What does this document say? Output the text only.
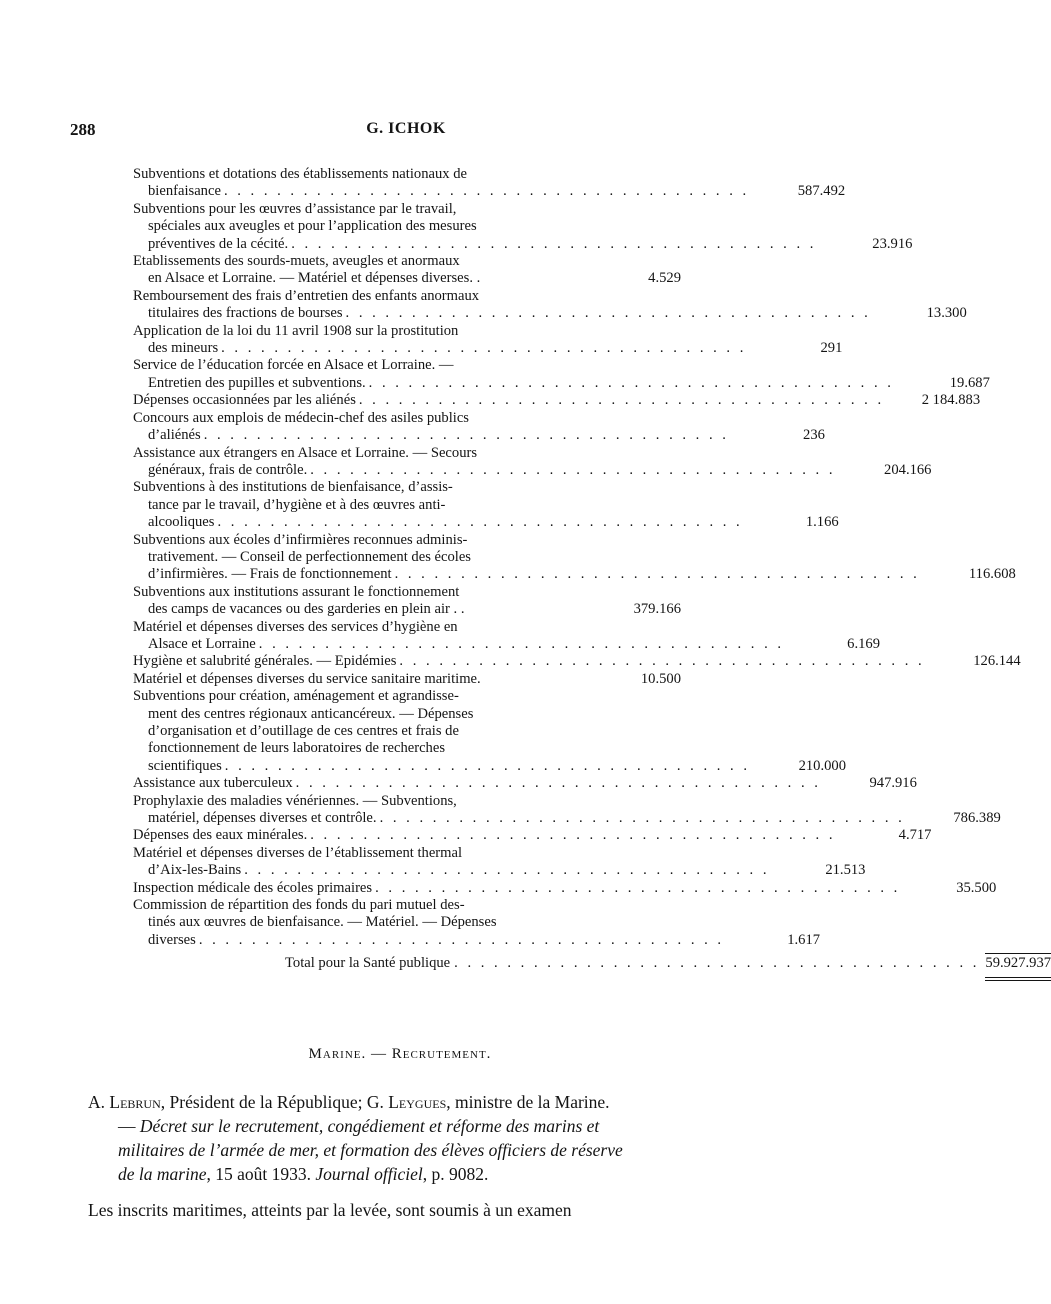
288	G. ICHOK
Subventions et dotations des établissements nationaux de
bienfaisance . . . . . . . . . . . . . . . . . . . . . . . . . . . . . . . . . . . . . . . .	587.492
Subventions pour les œuvres d’assistance par le travail,
spéciales aux aveugles et pour l’application des mesures
préventives de la cécité. . . . . . . . . . . . . . . . . . . . . . . . . . . . . . . . . . . . . . . . .	23.916
Etablissements des sourds-muets, aveugles et anormaux
en Alsace et Lorraine. — Matériel et dépenses diverses. .	4.529
Remboursement des frais d’entretien des enfants anormaux
titulaires des fractions de bourses . . . . . . . . . . . . . . . . . . . . . . . . . . . . . . . . . . . . . . . .	13.300
Application de la loi du 11 avril 1908 sur la prostitution
des mineurs . . . . . . . . . . . . . . . . . . . . . . . . . . . . . . . . . . . . . . . .	291
Service de l’éducation forcée en Alsace et Lorraine. —
Entretien des pupilles et subventions. . . . . . . . . . . . . . . . . . . . . . . . . . . . . . . . . . . . . . . . .	19.687
Dépenses occasionnées par les aliénés . . . . . . . . . . . . . . . . . . . . . . . . . . . . . . . . . . . . . . . .	2 184.883
Concours aux emplois de médecin-chef des asiles publics
d’aliénés . . . . . . . . . . . . . . . . . . . . . . . . . . . . . . . . . . . . . . . .	236
Assistance aux étrangers en Alsace et Lorraine. — Secours
généraux, frais de contrôle. . . . . . . . . . . . . . . . . . . . . . . . . . . . . . . . . . . . . . . . .	204.166
Subventions à des institutions de bienfaisance, d’assis-
tance par le travail, d’hygiène et à des œuvres anti-
alcooliques . . . . . . . . . . . . . . . . . . . . . . . . . . . . . . . . . . . . . . . .	1.166
Subventions aux écoles d’infirmières reconnues adminis-
trativement. — Conseil de perfectionnement des écoles
d’infirmières. — Frais de fonctionnement . . . . . . . . . . . . . . . . . . . . . . . . . . . . . . . . . . . . . . . .	116.608
Subventions aux institutions assurant le fonctionnement
des camps de vacances ou des garderies en plein air . .	379.166
Matériel et dépenses diverses des services d’hygiène en
Alsace et Lorraine . . . . . . . . . . . . . . . . . . . . . . . . . . . . . . . . . . . . . . . .	6.169
Hygiène et salubrité générales. — Epidémies . . . . . . . . . . . . . . . . . . . . . . . . . . . . . . . . . . . . . . . .	126.144
Matériel et dépenses diverses du service sanitaire maritime.	10.500
Subventions pour création, aménagement et agrandisse-
ment des centres régionaux anticancéreux. — Dépenses
d’organisation et d’outillage de ces centres et frais de
fonctionnement de leurs laboratoires de recherches
scientifiques . . . . . . . . . . . . . . . . . . . . . . . . . . . . . . . . . . . . . . . .	210.000
Assistance aux tuberculeux . . . . . . . . . . . . . . . . . . . . . . . . . . . . . . . . . . . . . . . .	947.916
Prophylaxie des maladies vénériennes. — Subventions,
matériel, dépenses diverses et contrôle. . . . . . . . . . . . . . . . . . . . . . . . . . . . . . . . . . . . . . . . .	786.389
Dépenses des eaux minérales. . . . . . . . . . . . . . . . . . . . . . . . . . . . . . . . . . . . . . . . .	4.717
Matériel et dépenses diverses de l’établissement thermal
d’Aix-les-Bains . . . . . . . . . . . . . . . . . . . . . . . . . . . . . . . . . . . . . . . .	21.513
Inspection médicale des écoles primaires . . . . . . . . . . . . . . . . . . . . . . . . . . . . . . . . . . . . . . . .	35.500
Commission de répartition des fonds du pari mutuel des-
tinés aux œuvres de bienfaisance. — Matériel. — Dépenses
diverses . . . . . . . . . . . . . . . . . . . . . . . . . . . . . . . . . . . . . . . .	1.617
Total pour la Santé publique . . . . . . . . . . . . . . . . . . . . . . . . . . . . . . . . . . . . . . . . 59.927.937
Marine. — Recrutement.
A. Lebrun, Président de la République; G. Leygues, ministre de la Marine.
— Décret sur le recrutement, congédiement et réforme des marins et
militaires de l’armée de mer, et formation des élèves officiers de réserve
de la marine, 15 août 1933. Journal officiel, p. 9082.
Les inscrits maritimes, atteints par la levée, sont soumis à un examen
